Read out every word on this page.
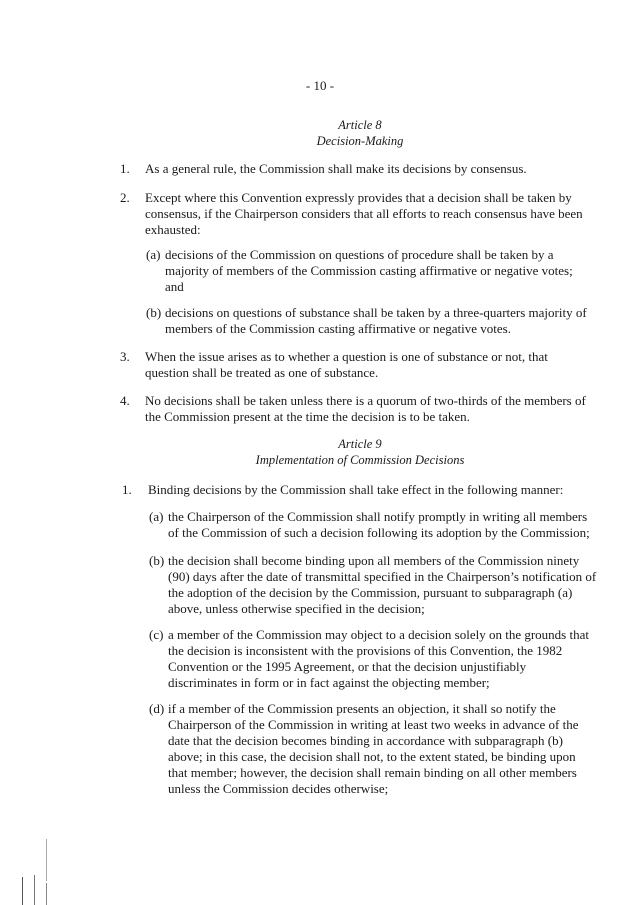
- 10 -
Article 8
Decision-Making
1.	As a general rule, the Commission shall make its decisions by consensus.
2.	Except where this Convention expressly provides that a decision shall be taken by
consensus, if the Chairperson considers that all efforts to reach consensus have been
exhausted:
(a) decisions of the Commission on questions of procedure shall be taken by a
majority of members of the Commission casting affirmative or negative votes;
and
(b) decisions on questions of substance shall be taken by a three-quarters majority of
members of the Commission casting affirmative or negative votes.
3.	When the issue arises as to whether a question is one of substance or not, that
question shall be treated as one of substance.
4.	No decisions shall be taken unless there is a quorum of two-thirds of the members of
the Commission present at the time the decision is to be taken.
Article 9
Implementation of Commission Decisions
1.	Binding decisions by the Commission shall take effect in the following manner:
(a) the Chairperson of the Commission shall notify promptly in writing all members
of the Commission of such a decision following its adoption by the Commission;
(b) the decision shall become binding upon all members of the Commission ninety
(90) days after the date of transmittal specified in the Chairperson’s notification of
the adoption of the decision by the Commission, pursuant to subparagraph (a)
above, unless otherwise specified in the decision;
(c) a member of the Commission may object to a decision solely on the grounds that
the decision is inconsistent with the provisions of this Convention, the 1982
Convention or the 1995 Agreement, or that the decision unjustifiably
discriminates in form or in fact against the objecting member;
(d) if a member of the Commission presents an objection, it shall so notify the
Chairperson of the Commission in writing at least two weeks in advance of the
date that the decision becomes binding in accordance with subparagraph (b)
above; in this case, the decision shall not, to the extent stated, be binding upon
that member; however, the decision shall remain binding on all other members
unless the Commission decides otherwise;
